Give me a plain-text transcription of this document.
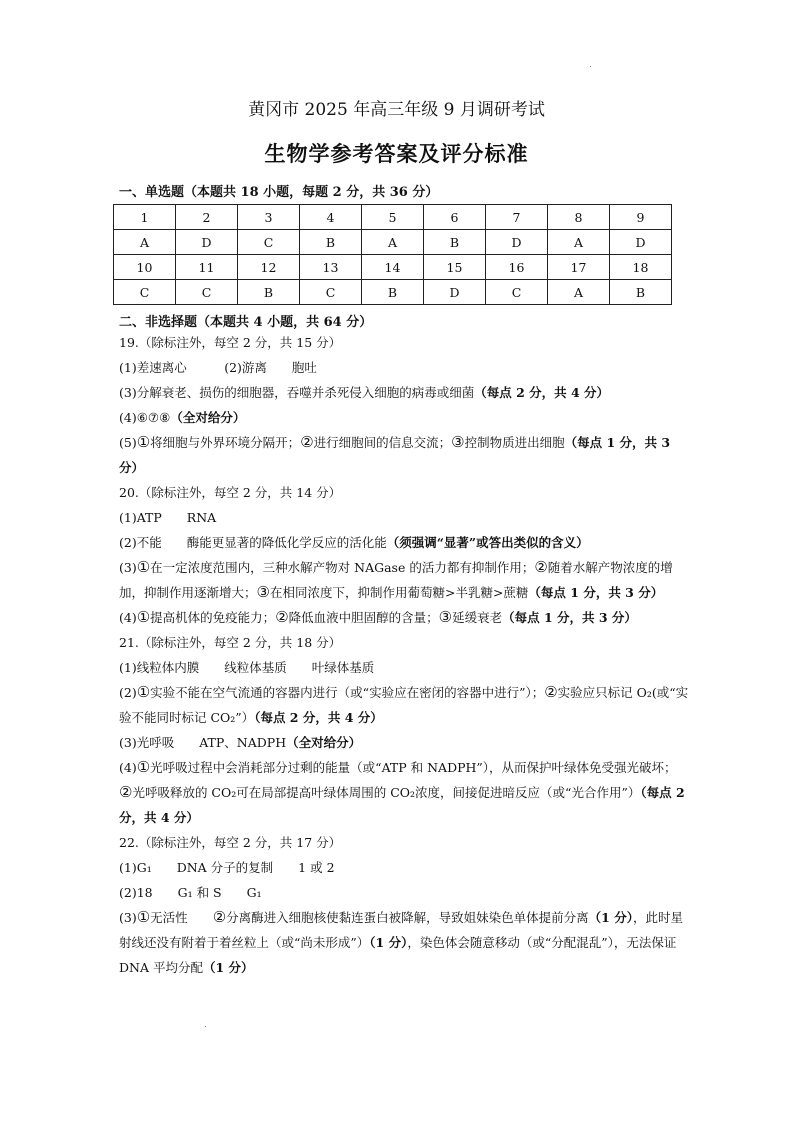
黄冈市 2025 年高三年级 9 月调研考试
生物学参考答案及评分标准
一、单选题（本题共 18 小题，每题 2 分，共 36 分）
1	2	3	4	5	6	7	8	9
A	D	C	B	A	B	D	A	D
10	11	12	13	14	15	16	17	18
C	C	B	C	B	D	C	A	B
二、非选择题（本题共 4 小题，共 64 分）

19.（除标注外，每空 2 分，共 15 分）

(1)差速离心　　　(2)游离　　胞吐

(3)分解衰老、损伤的细胞器，吞噬并杀死侵入细胞的病毒或细菌（每点 2 分，共 4 分）

(4)⑥⑦⑧（全对给分）

(5)①将细胞与外界环境分隔开；②进行细胞间的信息交流；③控制物质进出细胞（每点 1 分，共 3 分）

20.（除标注外，每空 2 分，共 14 分）

(1)ATP　　RNA

(2)不能　　酶能更显著的降低化学反应的活化能（须强调“显著”或答出类似的含义）

(3)①在一定浓度范围内，三种水解产物对 NAGase 的活力都有抑制作用；②随着水解产物浓度的增加，抑制作用逐渐增大；③在相同浓度下，抑制作用葡萄糖>半乳糖>蔗糖（每点 1 分，共 3 分）

(4)①提高机体的免疫能力；②降低血液中胆固醇的含量；③延缓衰老（每点 1 分，共 3 分）

21.（除标注外，每空 2 分，共 18 分）

(1)线粒体内膜　　线粒体基质　　叶绿体基质

(2)①实验不能在空气流通的容器内进行（或“实验应在密闭的容器中进行”）；②实验应只标记 O₂(或“实验不能同时标记 CO₂”）（每点 2 分，共 4 分）

(3)光呼吸　　ATP、NADPH（全对给分）

(4)①光呼吸过程中会消耗部分过剩的能量（或“ATP 和 NADPH”），从而保护叶绿体免受强光破坏；②光呼吸释放的 CO₂可在局部提高叶绿体周围的 CO₂浓度，间接促进暗反应（或“光合作用”）（每点 2 分，共 4 分）

22.（除标注外，每空 2 分，共 17 分）

(1)G₁　　DNA 分子的复制　　1 或 2

(2)18　　G₁ 和 S　　G₁

(3)①无活性　　②分离酶进入细胞核使黏连蛋白被降解，导致姐妹染色单体提前分离（1 分），此时星射线还没有附着于着丝粒上（或“尚未形成”）（1 分），染色体会随意移动（或“分配混乱”），无法保证 DNA 平均分配（1 分）
